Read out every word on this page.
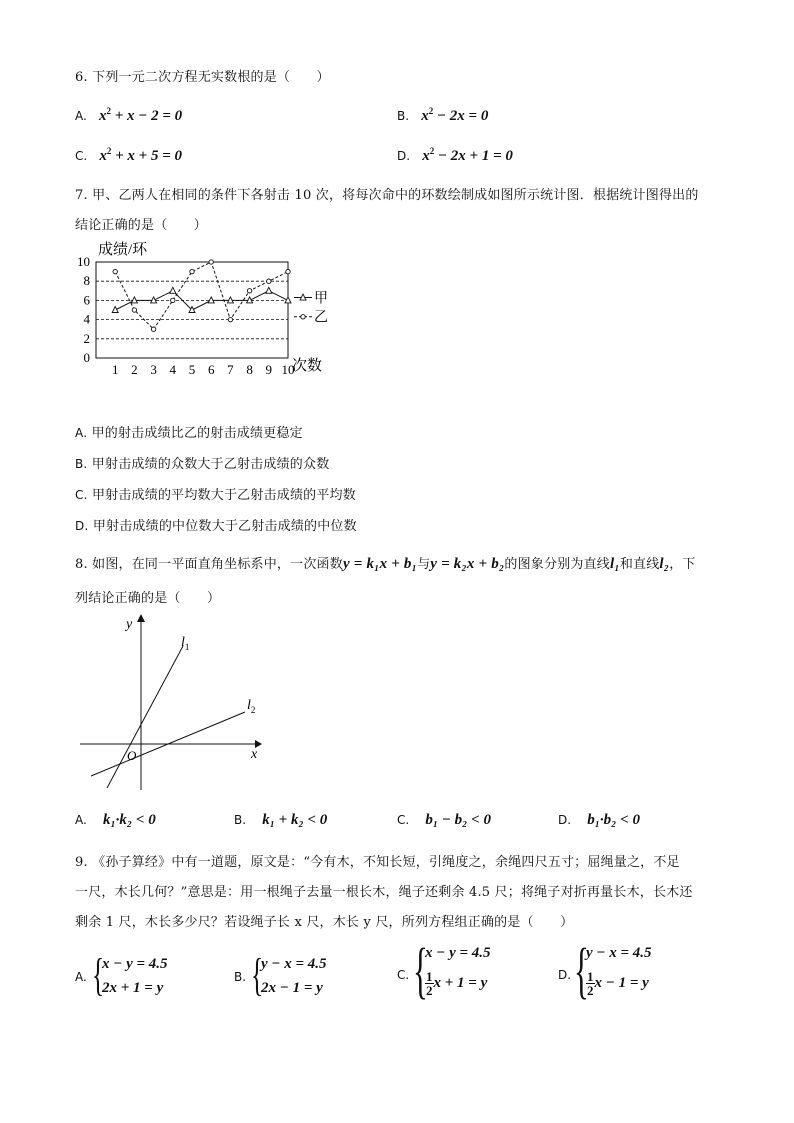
6. 下列一元二次方程无实数根的是（　　）
A. $x^2 + x - 2 = 0$	B. $x^2 - 2x = 0$
C. $x^2 + x + 5 = 0$	D. $x^2 - 2x + 1 = 0$
7. 甲、乙两人在相同的条件下各射击 10 次，将每次命中的环数绘制成如图所示统计图．根据统计图得出的
结论正确的是（　　）
0
2
4
6
8
10
1 2 3 4 5 6 7 8 9 10
成绩/环
次数
甲
乙
A. 甲的射击成绩比乙的射击成绩更稳定
B. 甲射击成绩的众数大于乙射击成绩的众数
C. 甲射击成绩的平均数大于乙射击成绩的平均数
D. 甲射击成绩的中位数大于乙射击成绩的中位数
8. 如图，在同一平面直角坐标系中，一次函数y = k₁x + b₁与y = k₂x + b₂的图象分别为直线l₁和直线l₂，下
列结论正确的是（　　）
y
x
O
$l_1$
$l_2$
A. k₁·k₂ < 0	B. k₁ + k₂ < 0	C. b₁ − b₂ < 0	D. b₁·b₂ < 0
9. 《孙子算经》中有一道题，原文是：“今有木，不知长短，引绳度之，余绳四尺五寸；屈绳量之，不足
一尺，木长几何？”意思是：用一根绳子去量一根长木，绳子还剩余 4.5 尺；将绳子对折再量长木，长木还
剩余 1 尺，木长多少尺？若设绳子长 x 尺，木长 y 尺，所列方程组正确的是（　　）
A. {
x − y = 4.5
2x + 1 = y
B. {
y − x = 4.5
2x − 1 = y
C. {
x − y = 4.5
$\frac{1}{2}$ x + 1 = y	D. {
y − x = 4.5
$\frac{1}{2}$ x − 1 = y
